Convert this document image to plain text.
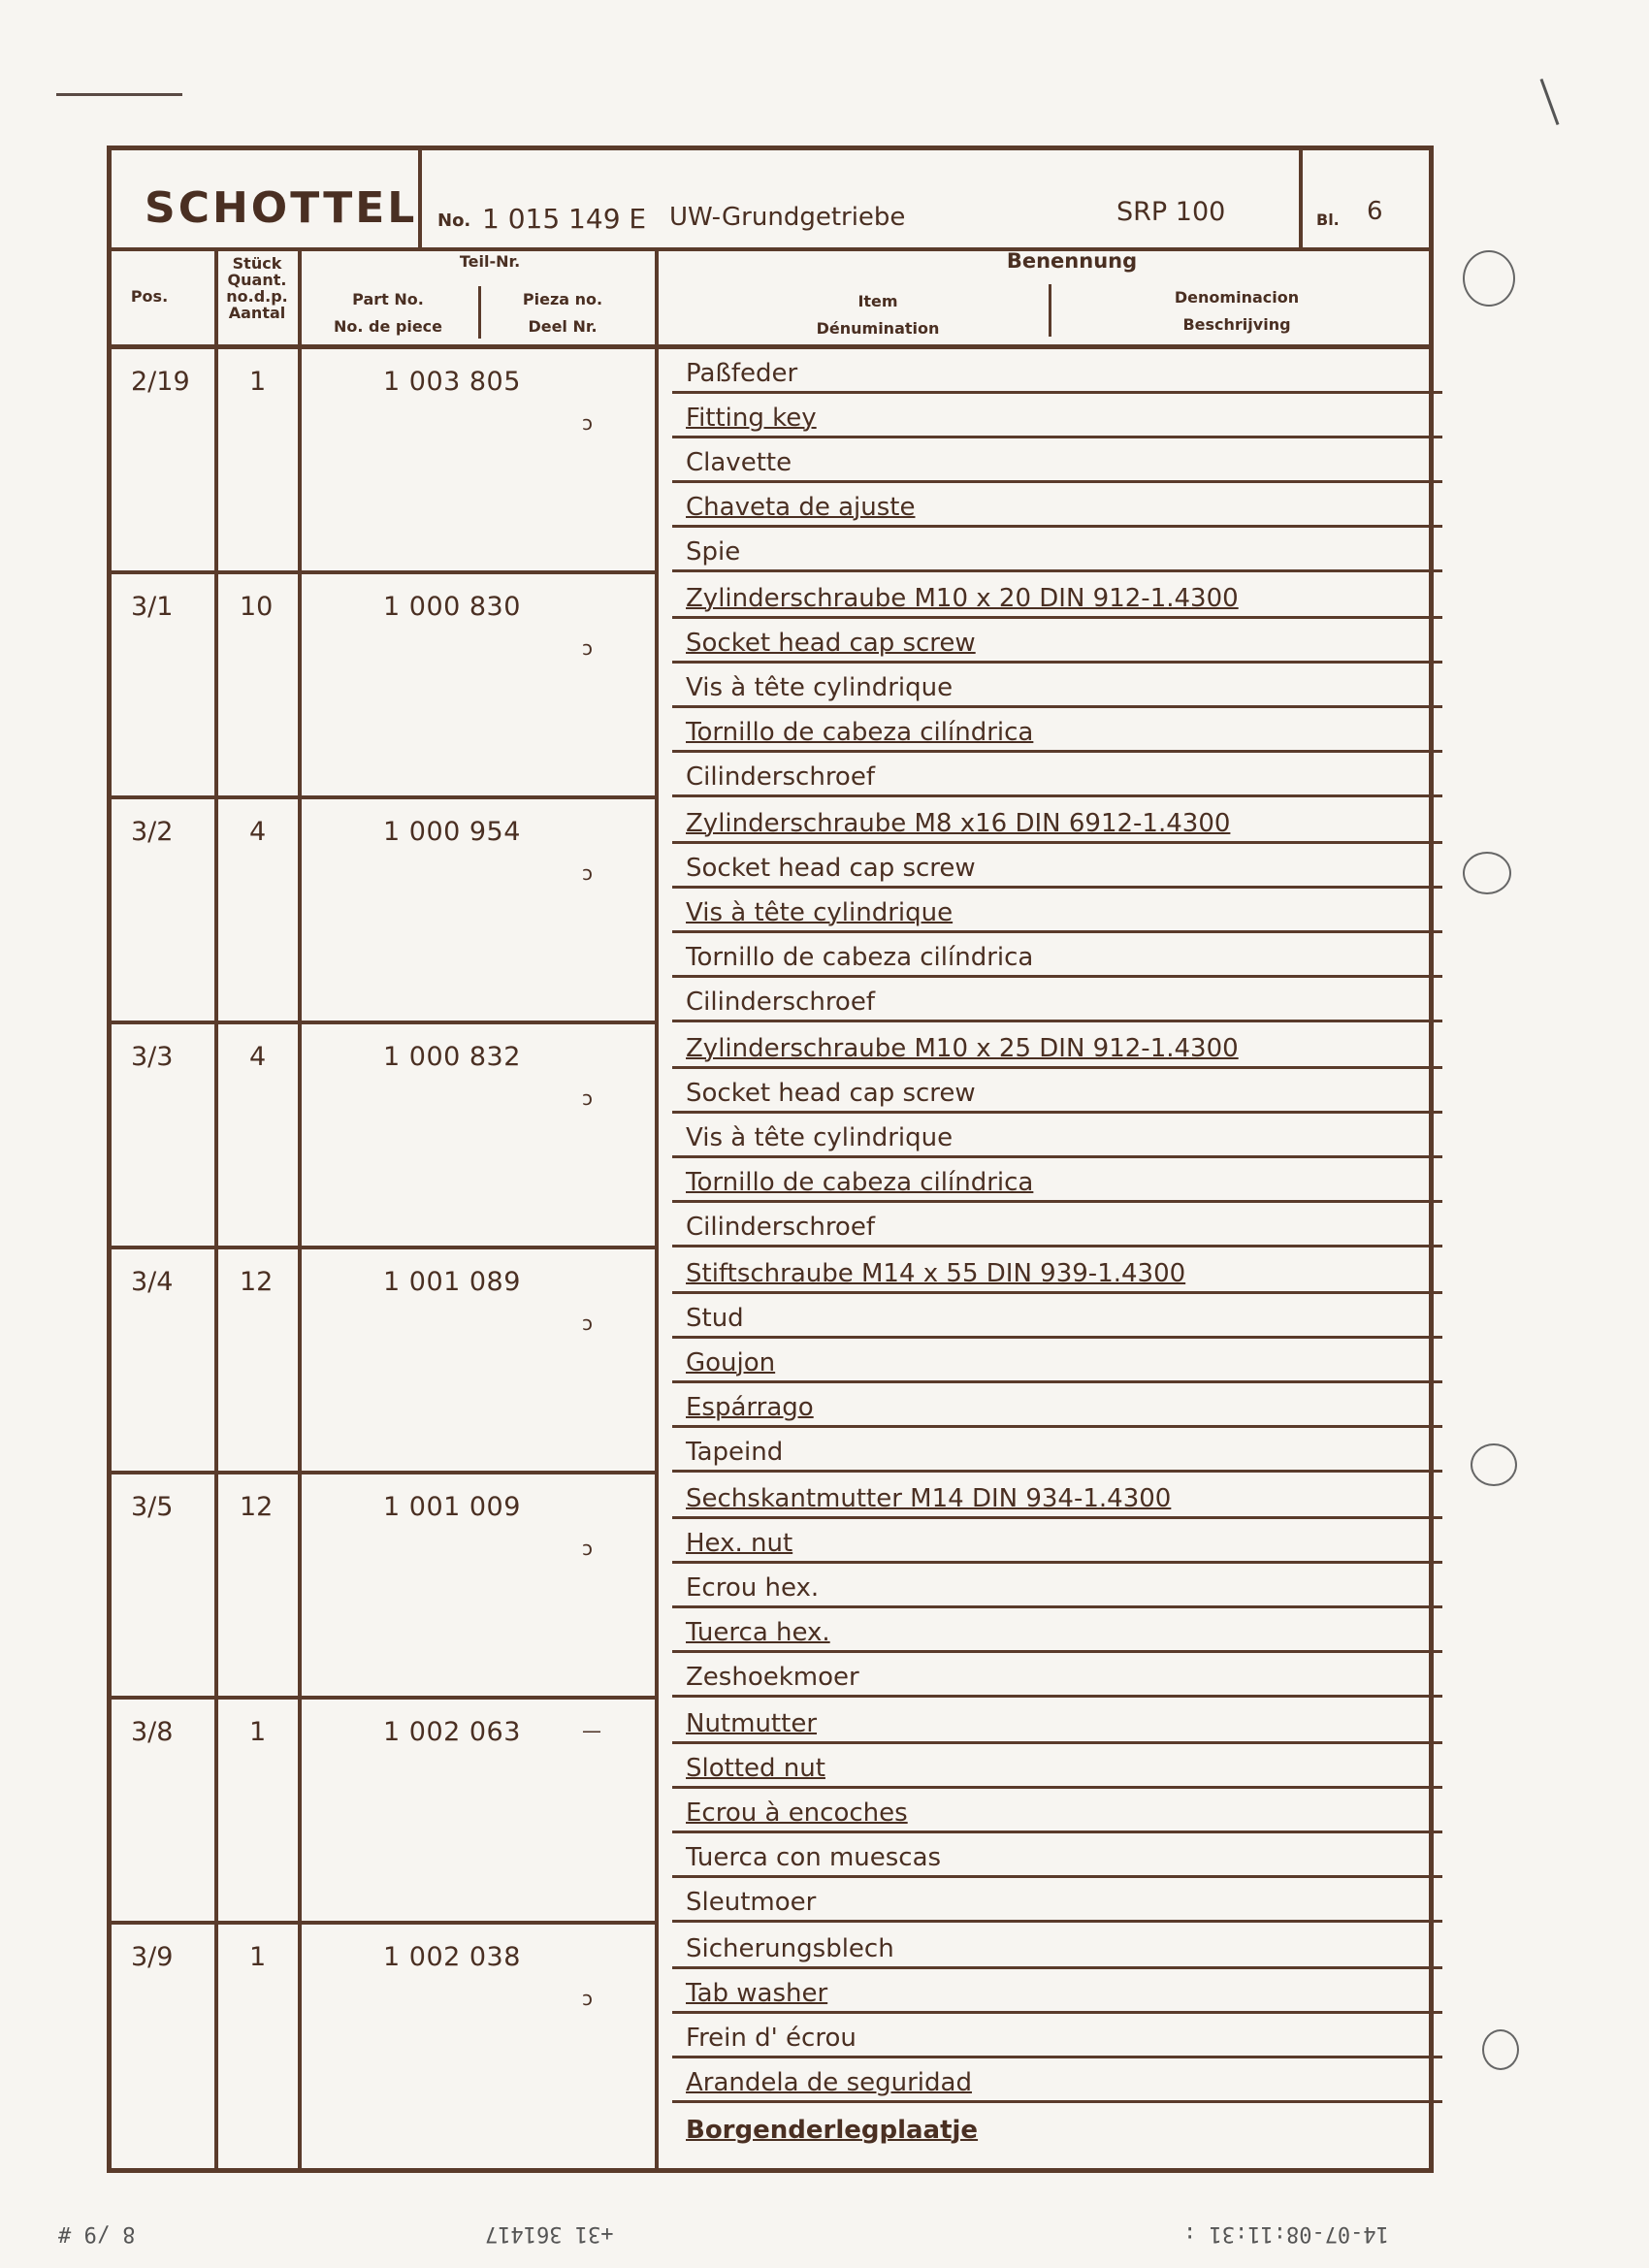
SCHOTTEL No. 1 015 149 E UW-Grundgetriebe	SRP 100	Bl. 6
Pos.
Stück
Quant.
no.d.p.
Aantal
Teil-Nr.
Part No.
No. de piece
Pieza no.
Deel Nr.
Benennung
Item
Dénumination
Denominacion
Beschrijving
2/19 1	1 003 805
ↄ
Paßfeder
Fitting key
Clavette
Chaveta de ajuste
Spie
3/1	10	1 000 830
ↄ
Zylinderschraube M10 x 20 DIN 912-1.4300
Socket head cap screw
Vis à tête cylindrique
Tornillo de cabeza cilíndrica
Cilinderschroef
3/2	4	1 000 954
ↄ
Zylinderschraube M8 x16 DIN 6912-1.4300
Socket head cap screw
Vis à tête cylindrique
Tornillo de cabeza cilíndrica
Cilinderschroef
3/3	4	1 000 832
ↄ
Zylinderschraube M10 x 25 DIN 912-1.4300
Socket head cap screw
Vis à tête cylindrique
Tornillo de cabeza cilíndrica
Cilinderschroef
3/4	12	1 001 089
ↄ
Stiftschraube M14 x 55 DIN 939-1.4300
Stud
Goujon
Espárrago
Tapeind
3/5	12	1 001 009
ↄ
Sechskantmutter M14 DIN 934-1.4300
Hex. nut
Ecrou hex.
Tuerca hex.
Zeshoekmoer
3/8	1	1 002 063	—	Nutmutter
Slotted nut
Ecrou à encoches
Tuerca con muescas
Sleutmoer
3/9	1	1 002 038
ↄ
Sicherungsblech
Tab washer
Frein d' écrou
Arandela de seguridad
Borgenderlegplaatje
8 /9 #	+31 361417	14-07-08:11:31 :
